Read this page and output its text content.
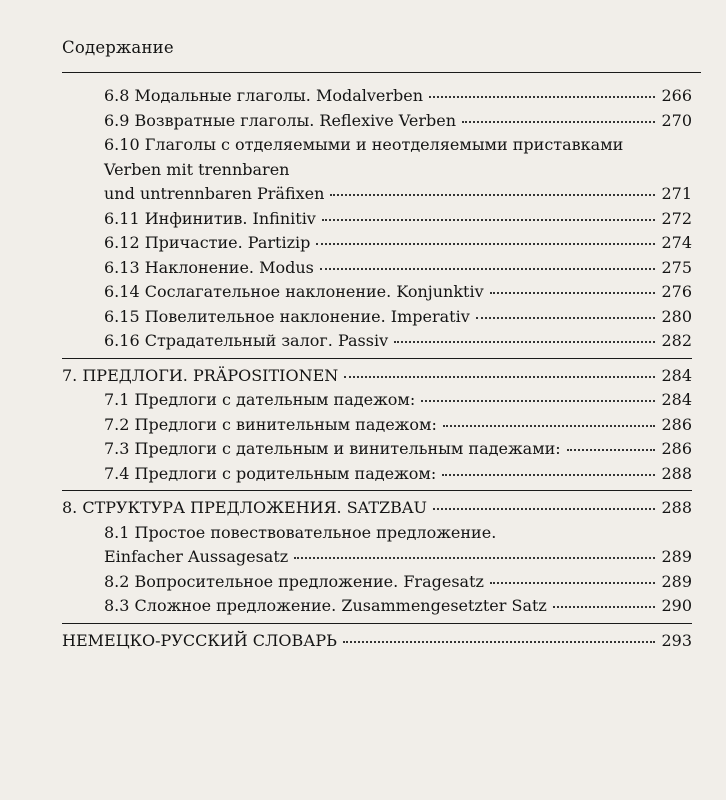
Содержание
6.8 Модальные глаголы. Modalverben	266
6.9 Возвратные глаголы. Reflexive Verben	270
6.10 Глаголы с отделяемыми и неотделяемыми приставками
Verben mit trennbaren
und untrennbaren Präfixen	271
6.11 Инфинитив. Infinitiv	272
6.12 Причастие. Partizip	274
6.13 Наклонение. Modus	275
6.14 Сослагательное наклонение. Konjunktiv	276
6.15 Повелительное наклонение. Imperativ	280
6.16 Страдательный залог. Passiv	282
7. ПРЕДЛОГИ. PRÄPOSITIONEN	284
7.1 Предлоги с дательным падежом:	284
7.2 Предлоги с винительным падежом:	286
7.3 Предлоги с дательным и винительным падежами:	286
7.4 Предлоги с родительным падежом:	288
8. СТРУКТУРА ПРЕДЛОЖЕНИЯ. SATZBAU	288
8.1 Простое повествовательное предложение.
Einfacher Aussagesatz	289
8.2 Вопросительное предложение. Fragesatz	289
8.3 Сложное предложение. Zusammengesetzter Satz	290
НЕМЕЦКО-РУССКИЙ СЛОВАРЬ	293
